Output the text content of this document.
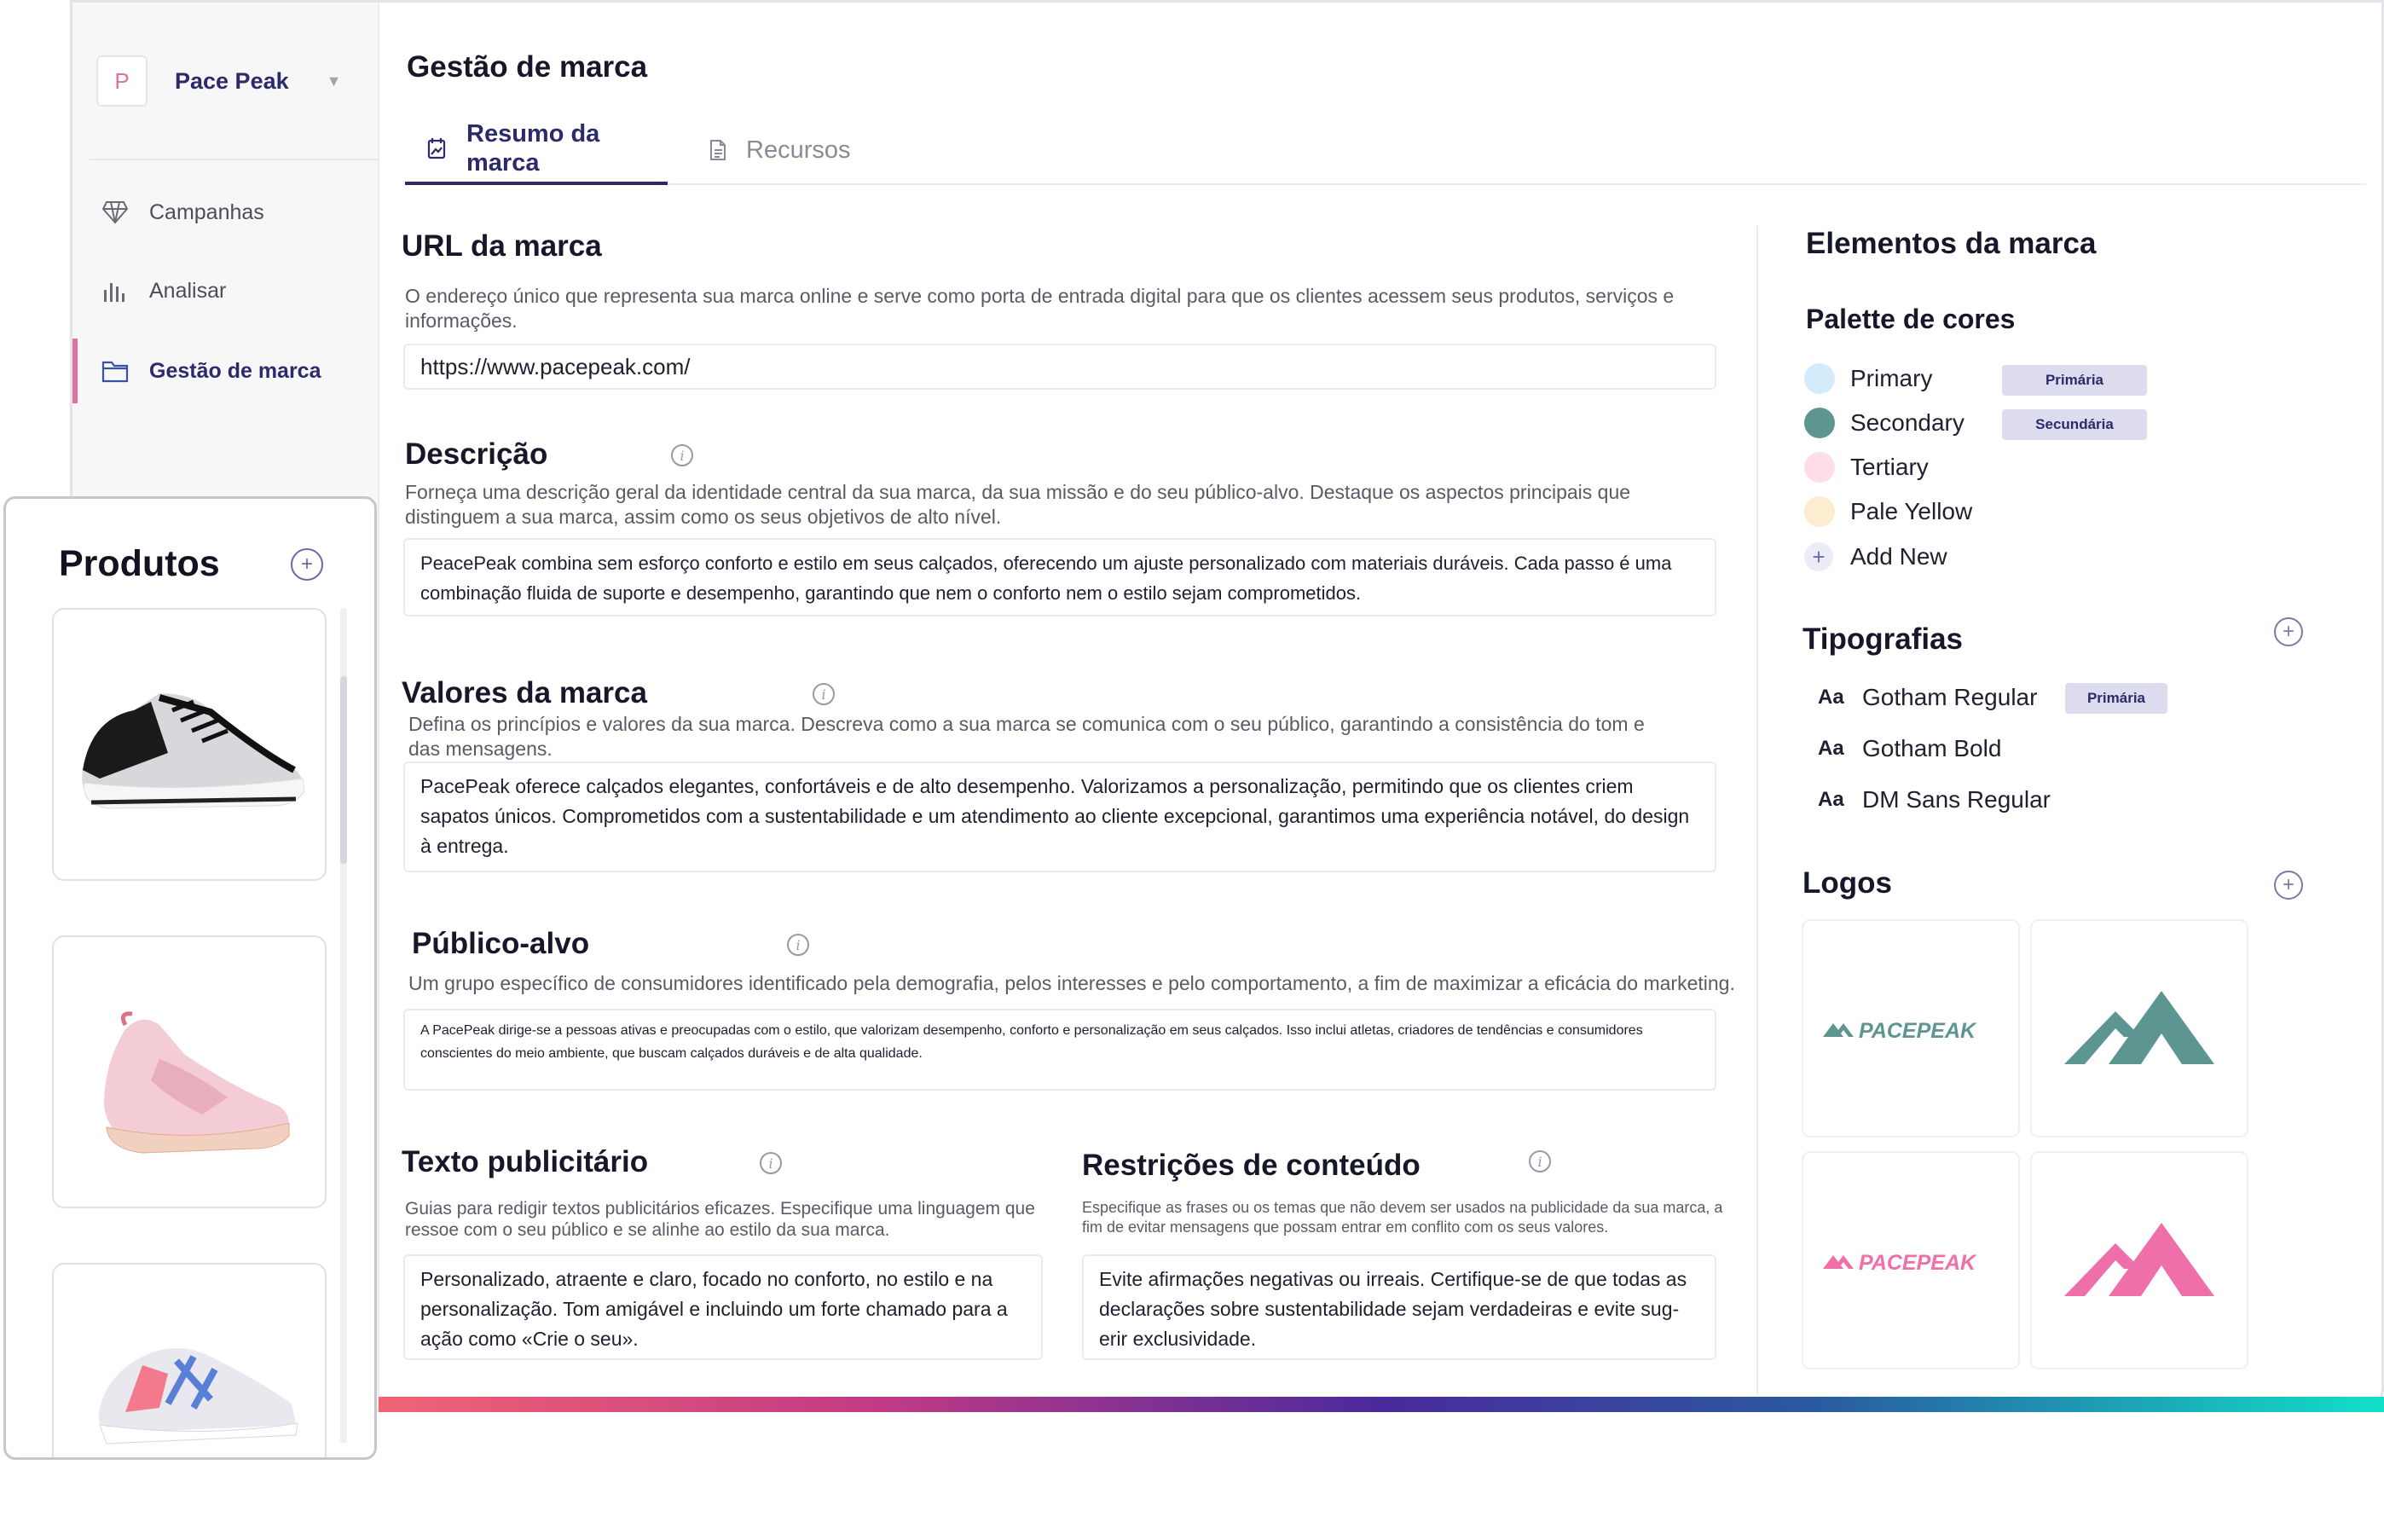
P	Pace Peak ▼
Campanhas
Analisar
Gestão de marca
Gestão de marca
Resumo da marca	Recursos
URL da marca
O endereço único que representa sua marca online e serve como porta de entrada digital para que os clientes acessem seus produtos, serviços e informações.
https://www.pacepeak.com/
Descrição	i
Forneça uma descrição geral da identidade central da sua marca, da sua missão e do seu público-alvo. Destaque os aspectos principais que distinguem a sua marca, assim como os seus objetivos de alto nível.
PeacePeak combina sem esforço conforto e estilo em seus calçados, oferecendo um ajuste personalizado com materiais duráveis. Cada passo é uma combinação fluida de suporte e desempenho, garantindo que nem o conforto nem o estilo sejam comprometidos.
Valores da marca	i
Defina os princípios e valores da sua marca. Descreva como a sua marca se comunica com o seu público, garantindo a consistência do tom e das mensagens.
PacePeak oferece calçados elegantes, confortáveis e de alto desempenho. Valorizamos a personalização, permitindo que os clientes criem sapatos únicos. Comprometidos com a sustentabilidade e um atendimento ao cliente excepcional, garantimos uma experiência notável, do design à entrega.
Público-alvo	i
Um grupo específico de consumidores identificado pela demografia, pelos interesses e pelo comportamento, a fim de maximizar a eficácia do marketing.
A PacePeak dirige-se a pessoas ativas e preocupadas com o estilo, que valorizam desempenho, conforto e personalização em seus calçados. Isso inclui atletas, criadores de tendências e consumidores conscientes do meio ambiente, que buscam calçados duráveis e de alta qualidade.
Texto publicitário	i
Guias para redigir textos publicitários eficazes. Especifique uma linguagem que ressoe com o seu público e se alinhe ao estilo da sua marca.
Personalizado, atraente e claro, focado no conforto, no estilo e na personalização. Tom amigável e incluindo um forte chamado para a ação como «Crie o seu».
Restrições de conteúdo	i
Especifique as frases ou os temas que não devem ser usados na publicidade da sua marca, a fim de evitar mensagens que possam entrar em conflito com os seus valores.
Evite afirmações negativas ou irreais. Certifique-se de que todas as declarações sobre sustentabilidade sejam verdadeiras e evite sug-erir exclusividade.
Elementos da marca
Palette de cores
Primary	Primária
Secondary	Secundária
Tertiary
Pale Yellow
+	Add New
Tipografias	+
Aa Gotham Regular	Primária
Aa Gotham Bold
Aa DM Sans Regular
Logos	+
PACEPEAK
PACEPEAK
Produtos	+
